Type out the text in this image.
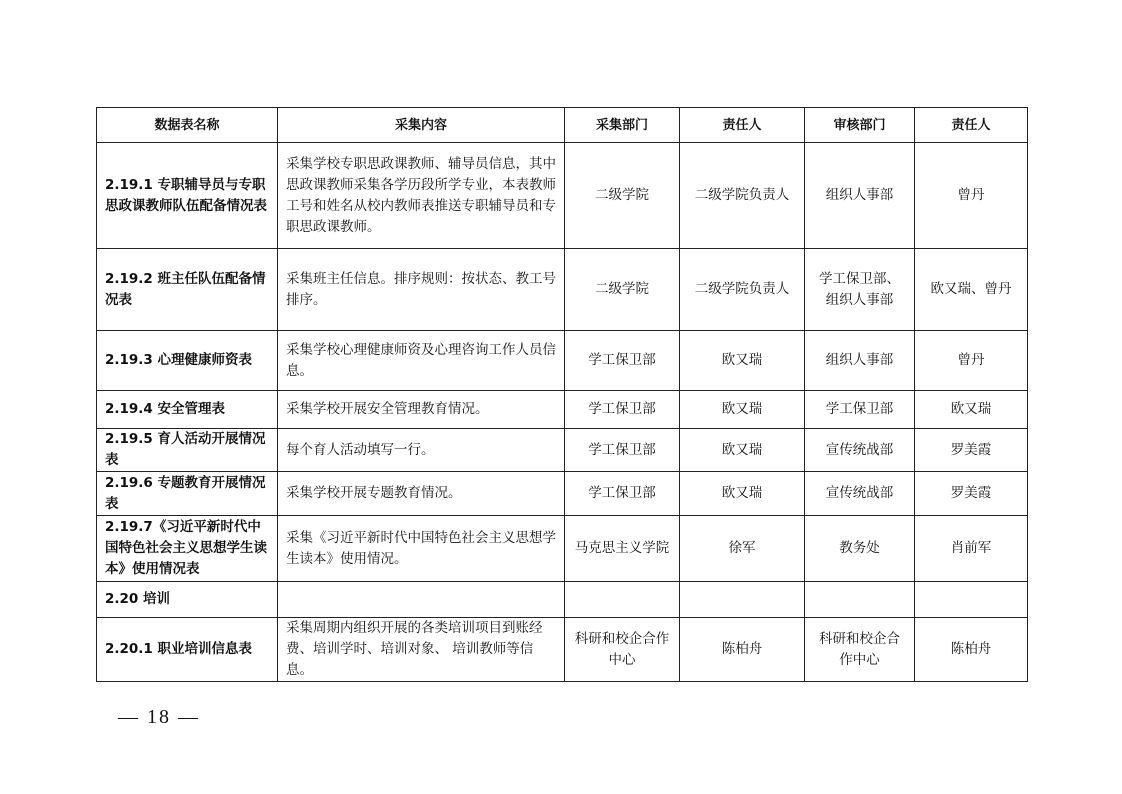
数据表名称	采集内容	采集部门	责任人	审核部门	责任人
2.19.1 专职辅导员与专职思政课教师队伍配备情况表	采集学校专职思政课教师、辅导员信息，其中思政课教师采集各学历段所学专业，本表教师工号和姓名从校内教师表推送专职辅导员和专职思政课教师。	二级学院	二级学院负责人	组织人事部	曾丹
2.19.2 班主任队伍配备情况表	采集班主任信息。排序规则：按状态、教工号排序。	二级学院	二级学院负责人	学工保卫部、组织人事部	欧又瑞、曾丹
2.19.3 心理健康师资表	采集学校心理健康师资及心理咨询工作人员信息。	学工保卫部	欧又瑞	组织人事部	曾丹
2.19.4 安全管理表	采集学校开展安全管理教育情况。	学工保卫部	欧又瑞	学工保卫部	欧又瑞
2.19.5 育人活动开展情况表	每个育人活动填写一行。	学工保卫部	欧又瑞	宣传统战部	罗美霞
2.19.6 专题教育开展情况表	采集学校开展专题教育情况。	学工保卫部	欧又瑞	宣传统战部	罗美霞
2.19.7《习近平新时代中国特色社会主义思想学生读本》使用情况表	采集《习近平新时代中国特色社会主义思想学生读本》使用情况。	马克思主义学院	徐军	教务处	肖前军
2.20 培训					
2.20.1 职业培训信息表	采集周期内组织开展的各类培训项目到账经费、培训学时、培训对象、 培训教师等信息。	科研和校企合作中心	陈柏舟	科研和校企合作中心	陈柏舟
— 18 —
